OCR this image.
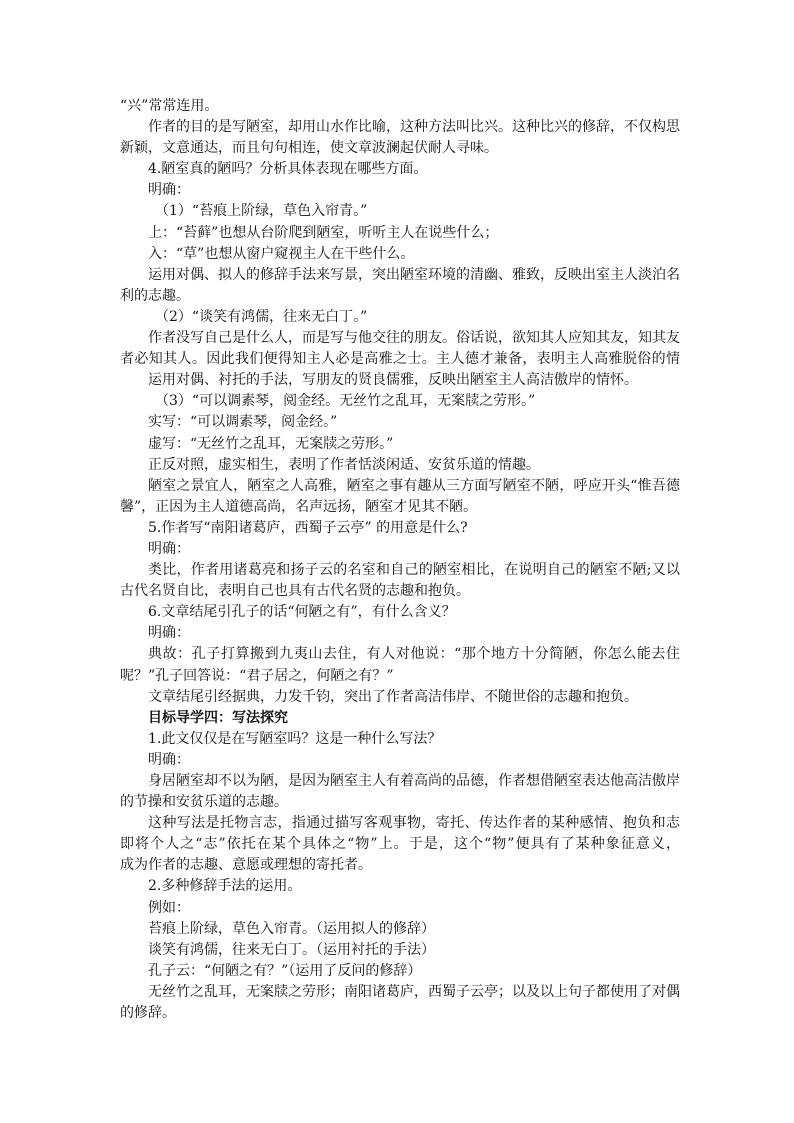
“兴”常常连用。
作者的目的是写陋室，却用山水作比喻，这种方法叫比兴。这种比兴的修辞，不仅构思
新颖，文意通达，而且句句相连，使文章波澜起伏耐人寻味。
4.陋室真的陋吗？分析具体表现在哪些方面。
明确：
（1）“苔痕上阶绿，草色入帘青。”
上：“苔藓”也想从台阶爬到陋室，听听主人在说些什么；
入：“草”也想从窗户窥视主人在干些什么。
运用对偶、拟人的修辞手法来写景，突出陋室环境的清幽、雅致，反映出室主人淡泊名
利的志趣。
（2）“谈笑有鸿儒，往来无白丁。”
作者没写自己是什么人，而是写与他交往的朋友。俗话说，欲知其人应知其友，知其友
者必知其人。因此我们便得知主人必是高雅之士。主人德才兼备，表明主人高雅脱俗的情
运用对偶、衬托的手法，写朋友的贤良儒雅，反映出陋室主人高洁傲岸的情怀。
（3）“可以调素琴，阅金经。无丝竹之乱耳，无案牍之劳形。”
实写：“可以调素琴，阅金经。”
虚写：“无丝竹之乱耳，无案牍之劳形。”
正反对照，虚实相生，表明了作者恬淡闲适、安贫乐道的情趣。
陋室之景宜人，陋室之人高雅，陋室之事有趣从三方面写陋室不陋，呼应开头“惟吾德
馨”，正因为主人道德高尚，名声远扬，陋室才见其不陋。
5.作者写“南阳诸葛庐，西蜀子云亭” 的用意是什么?
明确：
类比，作者用诸葛亮和扬子云的名室和自己的陋室相比，在说明自己的陋室不陋;又以
古代名贤自比，表明自己也具有古代名贤的志趣和抱负。
6.文章结尾引孔子的话“何陋之有”，有什么含义？
明确：
典故：孔子打算搬到九夷山去住，有人对他说：“那个地方十分简陋，你怎么能去住
呢？”孔子回答说：“君子居之，何陋之有？”
文章结尾引经据典，力发千钧，突出了作者高洁伟岸、不随世俗的志趣和抱负。
目标导学四：写法探究
1.此文仅仅是在写陋室吗？这是一种什么写法？
明确：
身居陋室却不以为陋，是因为陋室主人有着高尚的品德，作者想借陋室表达他高洁傲岸
的节操和安贫乐道的志趣。
这种写法是托物言志，指通过描写客观事物，寄托、传达作者的某种感情、抱负和志
即将个人之“志”依托在某个具体之“物”上。于是，这个“物”便具有了某种象征意义，
成为作者的志趣、意愿或理想的寄托者。
2.多种修辞手法的运用。
例如：
苔痕上阶绿，草色入帘青。（运用拟人的修辞）
谈笑有鸿儒，往来无白丁。（运用衬托的手法）
孔子云：“何陋之有？”（运用了反问的修辞）
无丝竹之乱耳，无案牍之劳形；南阳诸葛庐，西蜀子云亭；以及以上句子都使用了对偶
的修辞。
